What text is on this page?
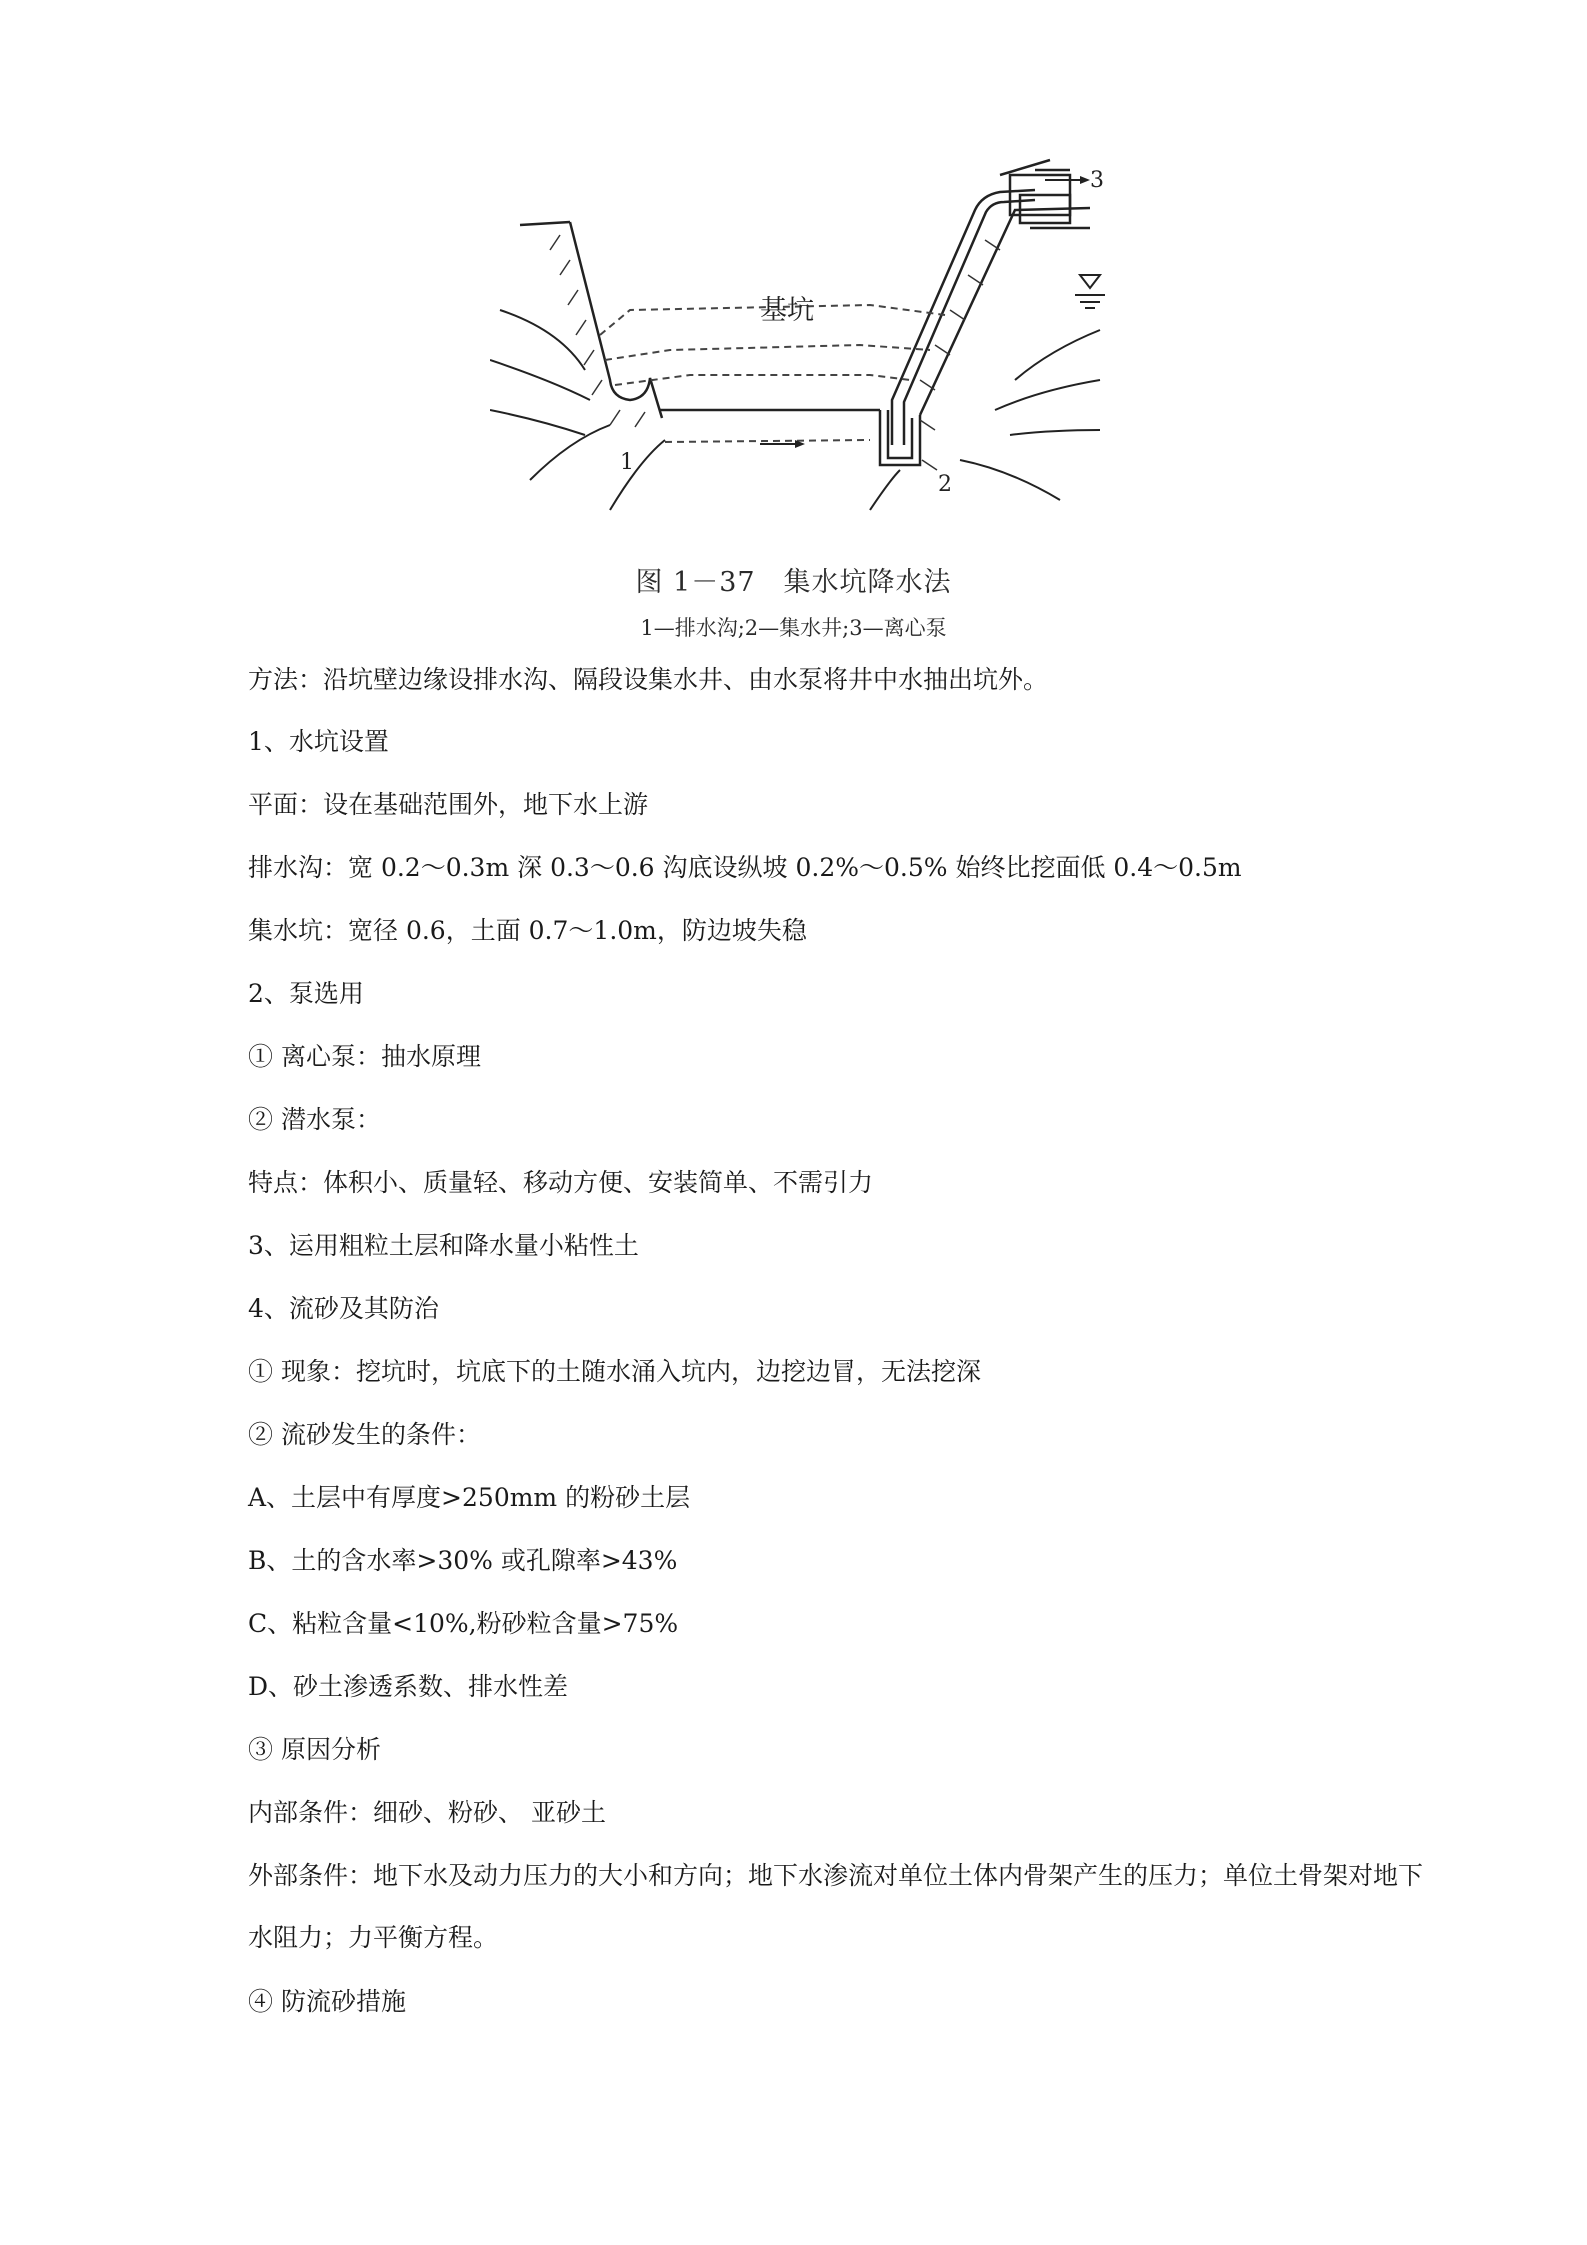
基坑
1
2
3
图 1－37　集水坑降水法
1—排水沟;2—集水井;3—离心泵
方法：沿坑壁边缘设排水沟、隔段设集水井、由水泵将井中水抽出坑外。
1、水坑设置
平面：设在基础范围外，地下水上游
排水沟：宽 0.2～0.3m 深 0.3～0.6 沟底设纵坡 0.2%～0.5% 始终比挖面低 0.4～0.5m
集水坑：宽径 0.6，土面 0.7～1.0m，防边坡失稳
2、泵选用
① 离心泵：抽水原理
② 潜水泵：
特点：体积小、质量轻、移动方便、安装简单、不需引力
3、运用粗粒土层和降水量小粘性土
4、流砂及其防治
① 现象：挖坑时，坑底下的土随水涌入坑内，边挖边冒，无法挖深
② 流砂发生的条件：
A、土层中有厚度>250mm 的粉砂土层
B、土的含水率>30% 或孔隙率>43%
C、粘粒含量<10%,粉砂粒含量>75%
D、砂土渗透系数、排水性差
③ 原因分析
内部条件：细砂、粉砂、 亚砂土
外部条件：地下水及动力压力的大小和方向；地下水渗流对单位土体内骨架产生的压力；单位土骨架对地下水阻力；力平衡方程。
④ 防流砂措施
